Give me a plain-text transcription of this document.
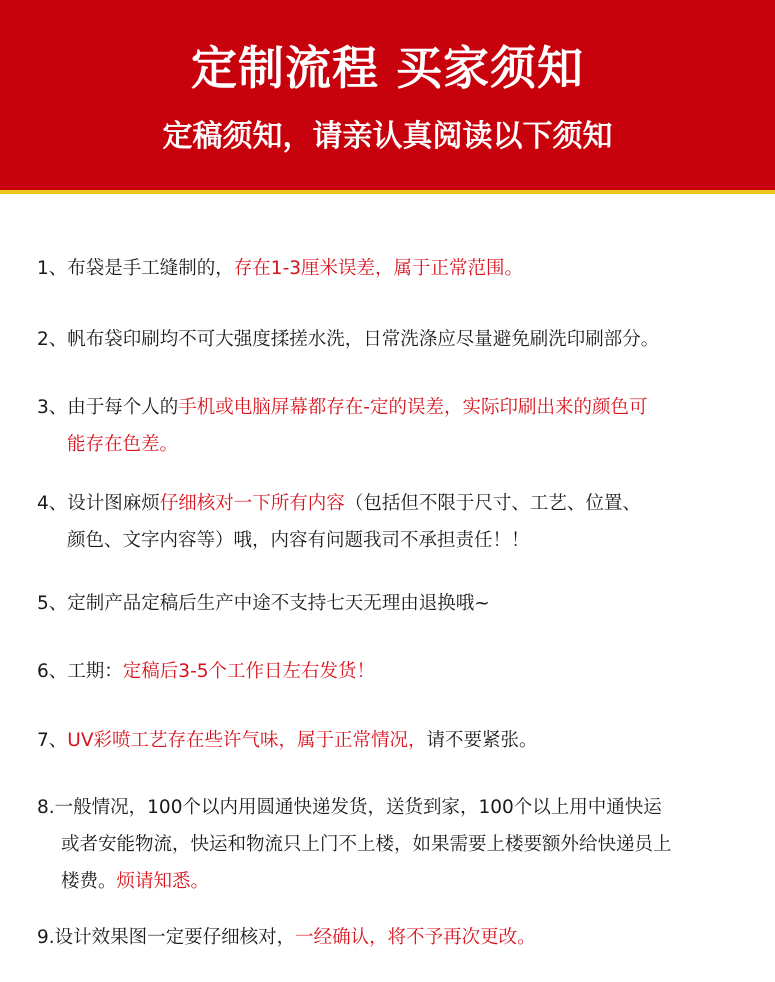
定制流程 买家须知
定稿须知，请亲认真阅读以下须知
1、布袋是手工缝制的，存在1-3厘米误差，属于正常范围。
2、帆布袋印刷均不可大强度揉搓水洗，日常洗涤应尽量避免刷洗印刷部分。
3、由于每个人的手机或电脑屏幕都存在-定的误差，实际印刷出来的颜色可
能存在色差。
4、设计图麻烦仔细核对一下所有内容（包括但不限于尺寸、工艺、位置、
颜色、文字内容等）哦，内容有问题我司不承担责任！！
5、定制产品定稿后生产中途不支持七天无理由退换哦~
6、工期：定稿后3-5个工作日左右发货！
7、UV彩喷工艺存在些许气味，属于正常情况，请不要紧张。
8.一般情况，100个以内用圆通快递发货，送货到家，100个以上用中通快运
或者安能物流，快运和物流只上门不上楼，如果需要上楼要额外给快递员上
楼费。烦请知悉。
9.设计效果图一定要仔细核对，一经确认，将不予再次更改。
